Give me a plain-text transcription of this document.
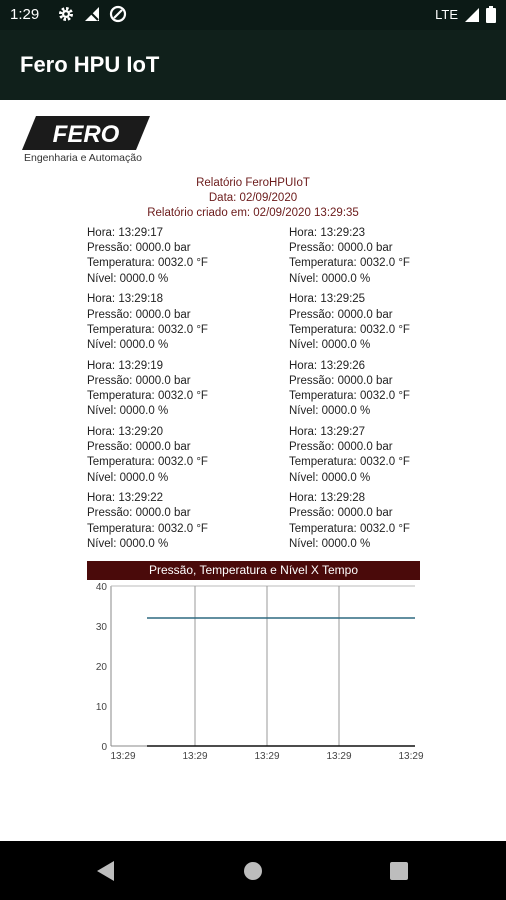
1:29	LTE
Fero HPU IoT
FERO
Engenharia e Automação
Relatório FeroHPUIoT
Data: 02/09/2020
Relatório criado em: 02/09/2020 13:29:35
Hora: 13:29:17
Pressão: 0000.0 bar
Temperatura: 0032.0 °F
Nível: 0000.0 %
Hora: 13:29:18
Pressão: 0000.0 bar
Temperatura: 0032.0 °F
Nível: 0000.0 %
Hora: 13:29:19
Pressão: 0000.0 bar
Temperatura: 0032.0 °F
Nível: 0000.0 %
Hora: 13:29:20
Pressão: 0000.0 bar
Temperatura: 0032.0 °F
Nível: 0000.0 %
Hora: 13:29:22
Pressão: 0000.0 bar
Temperatura: 0032.0 °F
Nível: 0000.0 %
Hora: 13:29:23
Pressão: 0000.0 bar
Temperatura: 0032.0 °F
Nível: 0000.0 %
Hora: 13:29:25
Pressão: 0000.0 bar
Temperatura: 0032.0 °F
Nível: 0000.0 %
Hora: 13:29:26
Pressão: 0000.0 bar
Temperatura: 0032.0 °F
Nível: 0000.0 %
Hora: 13:29:27
Pressão: 0000.0 bar
Temperatura: 0032.0 °F
Nível: 0000.0 %
Hora: 13:29:28
Pressão: 0000.0 bar
Temperatura: 0032.0 °F
Nível: 0000.0 %
Pressão, Temperatura e Nível X Tempo
0
10
20
30
40
13:29	13:29	13:29	13:29	13:29
